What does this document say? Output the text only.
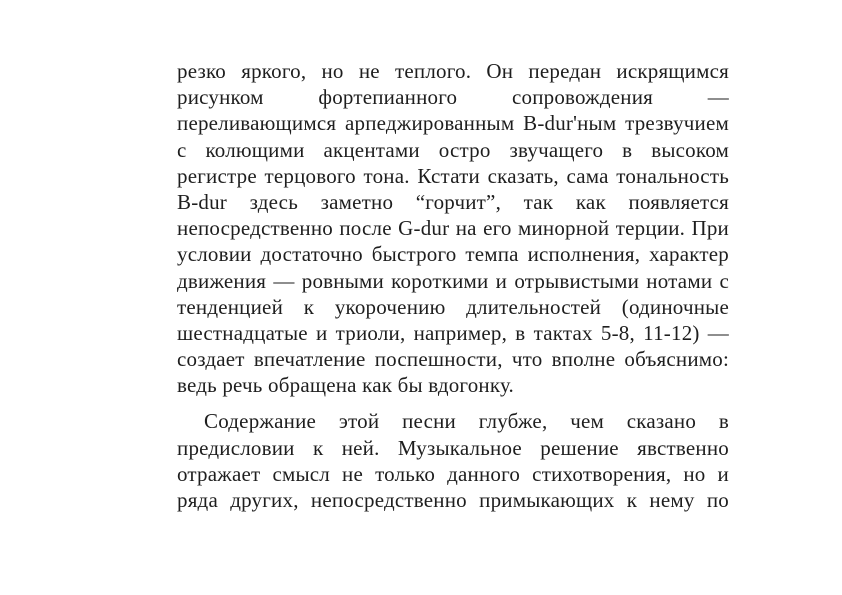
резко яркого, но не теплого. Он передан искрящимся
рисунком фортепианного сопровождения —
переливающимся арпеджированным B-dur'ным трезвучием
с колющими акцентами остро звучащего в высоком
регистре терцового тона. Кстати сказать, сама тональность
B-dur здесь заметно “горчит”, так как появляется
непосредственно после G-dur на его минорной терции. При
условии достаточно быстрого темпа исполнения, характер
движения — ровными короткими и отрывистыми нотами с
тенденцией к укорочению длительностей (одиночные
шестнадцатые и триоли, например, в тактах 5-8, 11-12) —
создает впечатление поспешности, что вполне объяснимо:
ведь речь обращена как бы вдогонку.
Содержание этой песни глубже, чем сказано в
предисловии к ней. Музыкальное решение явственно
отражает смысл не только данного стихотворения, но и
ряда других, непосредственно примыкающих к нему по
